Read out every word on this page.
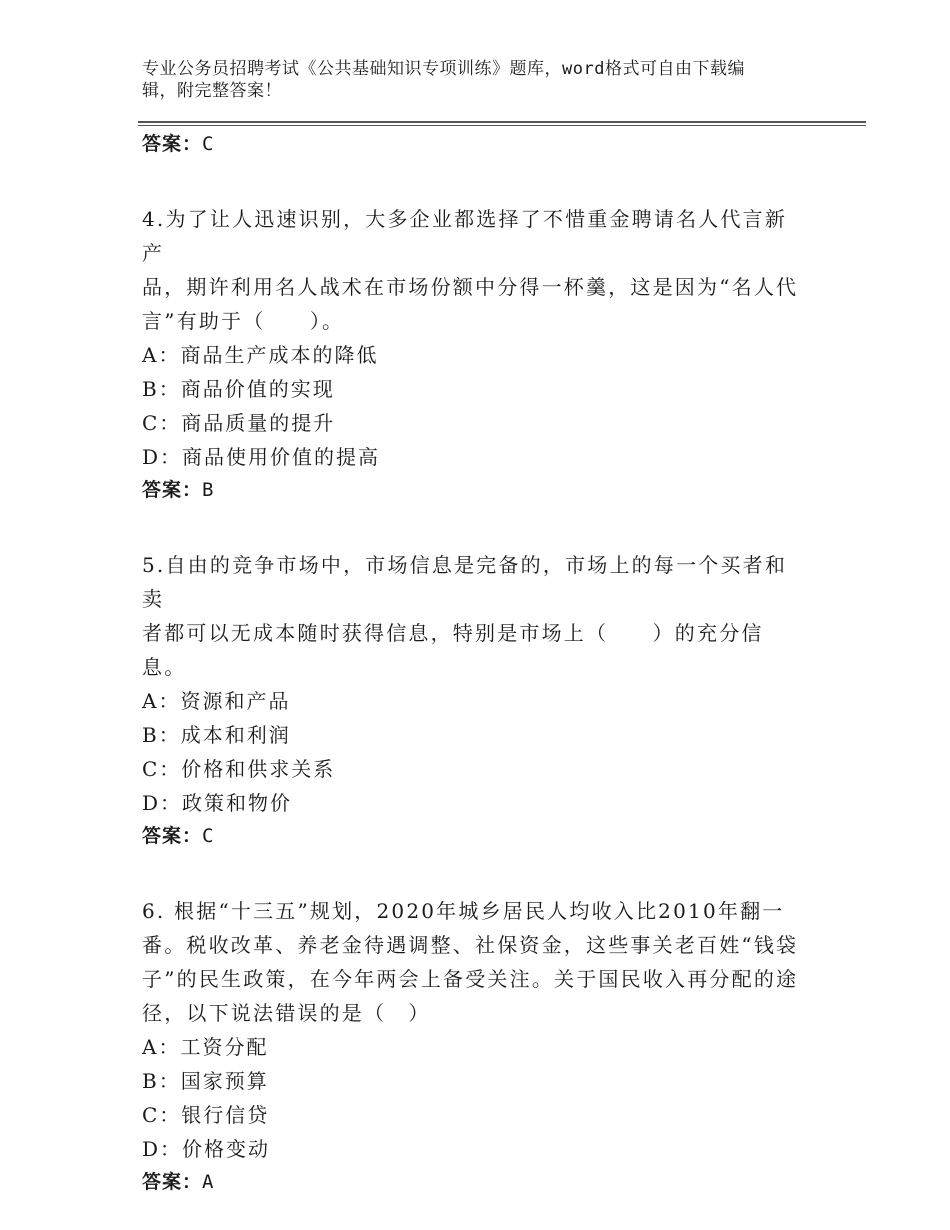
专业公务员招聘考试《公共基础知识专项训练》题库，word格式可自由下载编
辑，附完整答案！
答案：C

4.为了让人迅速识别，大多企业都选择了不惜重金聘请名人代言新产

品，期许利用名人战术在市场份额中分得一杯羹，这是因为“名人代

言”有助于（　　）。

A：商品生产成本的降低

B：商品价值的实现

C：商品质量的提升

D：商品使用价值的提高

答案：B

5.自由的竞争市场中，市场信息是完备的，市场上的每一个买者和卖

者都可以无成本随时获得信息，特别是市场上（　　）的充分信息。

A：资源和产品

B：成本和利润

C：价格和供求关系

D：政策和物价

答案：C

6. 根据“十三五”规划，2020年城乡居民人均收入比2010年翻一

番。税收改革、养老金待遇调整、社保资金，这些事关老百姓“钱袋

子”的民生政策，在今年两会上备受关注。关于国民收入再分配的途

径，以下说法错误的是（　）

A：工资分配

B：国家预算

C：银行信贷

D：价格变动

答案：A
